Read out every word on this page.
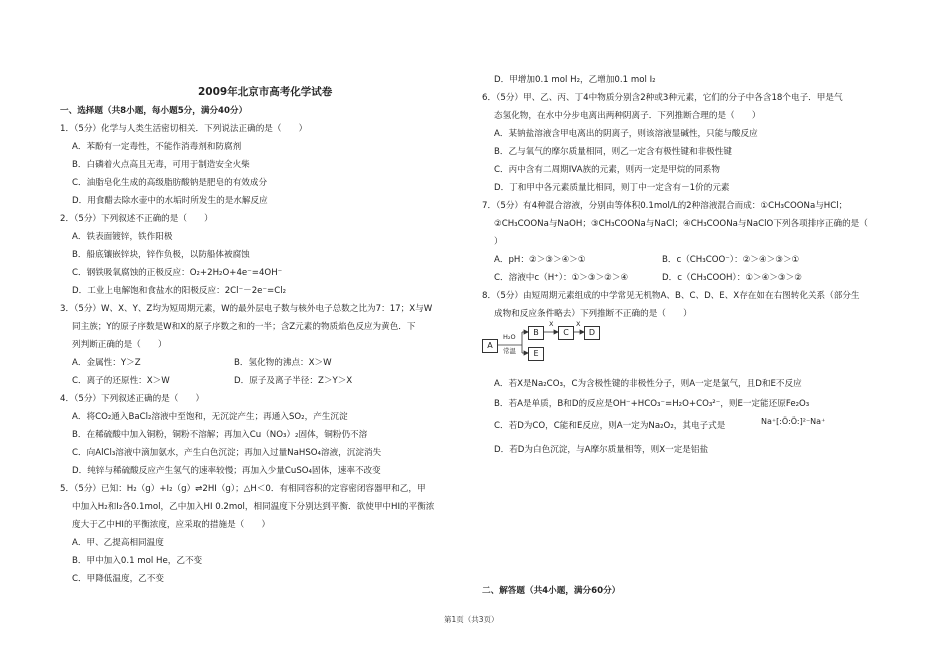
2009年北京市高考化学试卷
一、选择题（共8小题，每小题5分，满分40分）
1．（5分）化学与人类生活密切相关．下列说法正确的是（　　）
A．苯酚有一定毒性，不能作消毒剂和防腐剂
B．白磷着火点高且无毒，可用于制造安全火柴
C．油脂皂化生成的高级脂肪酸钠是肥皂的有效成分
D．用食醋去除水壶中的水垢时所发生的是水解反应
2．（5分）下列叙述不正确的是（　　）
A．铁表面镀锌，铁作阳极
B．船底镶嵌锌块，锌作负极，以防船体被腐蚀
C．钢铁吸氧腐蚀的正极反应：O₂+2H₂O+4e⁻=4OH⁻
D．工业上电解饱和食盐水的阳极反应：2Cl⁻－2e⁻=Cl₂
3．（5分）W、X、Y、Z均为短周期元素，W的最外层电子数与核外电子总数之比为7：17；X与W
同主族；Y的原子序数是W和X的原子序数之和的一半；含Z元素的物质焰色反应为黄色．下
列判断正确的是（　　）
A．金属性：Y＞Z	B．氢化物的沸点：X＞W
C．离子的还原性：X＞W	D．原子及离子半径：Z＞Y＞X
4．（5分）下列叙述正确的是（　　）
A．将CO₂通入BaCl₂溶液中至饱和，无沉淀产生；再通入SO₂，产生沉淀
B．在稀硫酸中加入铜粉，铜粉不溶解；再加入Cu（NO₃）₂固体，铜粉仍不溶
C．向AlCl₃溶液中滴加氨水，产生白色沉淀；再加入过量NaHSO₄溶液，沉淀消失
D．纯锌与稀硫酸反应产生氢气的速率较慢；再加入少量CuSO₄固体，速率不改变
5．（5分）已知：H₂（g）+I₂（g）⇌2HI（g）；△H＜0．有相同容积的定容密闭容器甲和乙，甲
中加入H₂和I₂各0.1mol，乙中加入HI 0.2mol，相同温度下分别达到平衡．欲使甲中HI的平衡浓
度大于乙中HI的平衡浓度，应采取的措施是（　　）
A．甲、乙提高相同温度
B．甲中加入0.1 mol He，乙不变
C．甲降低温度，乙不变
D．甲增加0.1 mol H₂，乙增加0.1 mol I₂
6．（5分）甲、乙、丙、丁4中物质分别含2种或3种元素，它们的分子中各含18个电子．甲是气
态氢化物，在水中分步电离出两种阴离子．下列推断合理的是（　　）
A．某钠盐溶液含甲电离出的阴离子，则该溶液显碱性，只能与酸反应
B．乙与氧气的摩尔质量相同，则乙一定含有极性键和非极性键
C．丙中含有二周期IVA族的元素，则丙一定是甲烷的同系物
D．丁和甲中各元素质量比相同，则丁中一定含有－1价的元素
7．（5分）有4种混合溶液，分别由等体积0.1mol/L的2种溶液混合而成：①CH₃COONa与HCl；
②CH₃COONa与NaOH；③CH₃COONa与NaCl；④CH₃COONa与NaClO下列各项排序正确的是（
）
A．pH：②＞③＞④＞①	B．c（CH₃COO⁻）：②＞④＞③＞①
C．溶液中c（H⁺）：①＞③＞②＞④	D．c（CH₃COOH）：①＞④＞③＞②
8．（5分）由短周期元素组成的中学常见无机物A、B、C、D、E、X存在如在右图转化关系（部分生
成物和反应条件略去）下列推断不正确的是（　　）
A
H₂O
常温
B
X
C
X
D
E
A．若X是Na₂CO₃，C为含极性键的非极性分子，则A一定是氯气，且D和E不反应
B．若A是单质，B和D的反应是OH⁻+HCO₃⁻=H₂O+CO₃²⁻，则E一定能还原Fe₂O₃
C．若D为CO，C能和E反应，则A一定为Na₂O₂，其电子式是	Na⁺[:Ö:Ö:]²⁻Na⁺
D．若D为白色沉淀，与A摩尔质量相等，则X一定是铝盐
二、解答题（共4小题，满分60分）
第1页（共3页）
